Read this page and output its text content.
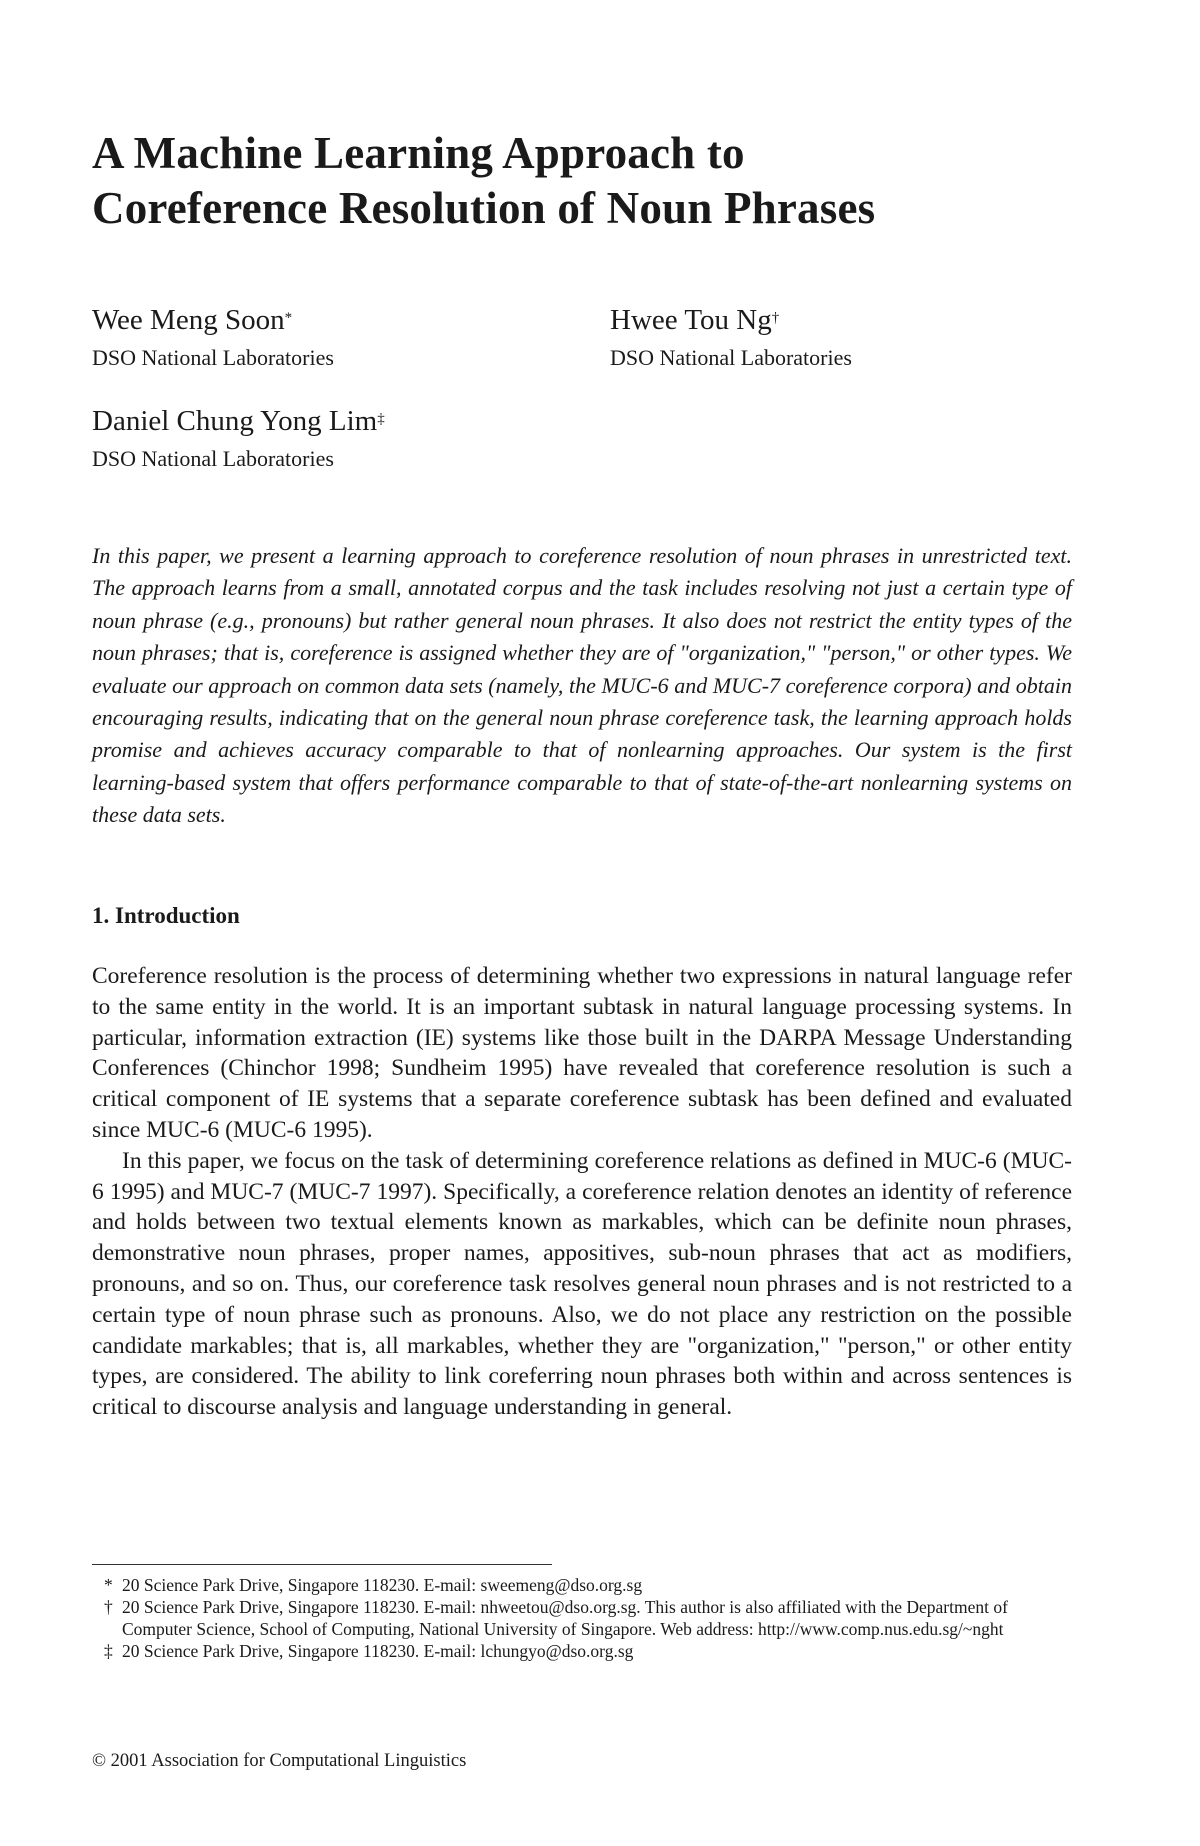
A Machine Learning Approach to
Coreference Resolution of Noun Phrases
Wee Meng Soon*
DSO National Laboratories
Hwee Tou Ng†
DSO National Laboratories
Daniel Chung Yong Lim‡
DSO National Laboratories
In this paper, we present a learning approach to coreference resolution of noun phrases in unrestricted text. The approach learns from a small, annotated corpus and the task includes resolving not just a certain type of noun phrase (e.g., pronouns) but rather general noun phrases. It also does not restrict the entity types of the noun phrases; that is, coreference is assigned whether they are of "organization," "person," or other types. We evaluate our approach on common data sets (namely, the MUC-6 and MUC-7 coreference corpora) and obtain encouraging results, indicating that on the general noun phrase coreference task, the learning approach holds promise and achieves accuracy comparable to that of nonlearning approaches. Our system is the first learning-based system that offers performance comparable to that of state-of-the-art nonlearning systems on these data sets.
1. Introduction

Coreference resolution is the process of determining whether two expressions in natural language refer to the same entity in the world. It is an important subtask in natural language processing systems. In particular, information extraction (IE) systems like those built in the DARPA Message Understanding Conferences (Chinchor 1998; Sundheim 1995) have revealed that coreference resolution is such a critical component of IE systems that a separate coreference subtask has been defined and evaluated since MUC-6 (MUC-6 1995).

In this paper, we focus on the task of determining coreference relations as defined in MUC-6 (MUC-6 1995) and MUC-7 (MUC-7 1997). Specifically, a coreference relation denotes an identity of reference and holds between two textual elements known as markables, which can be definite noun phrases, demonstrative noun phrases, proper names, appositives, sub-noun phrases that act as modifiers, pronouns, and so on. Thus, our coreference task resolves general noun phrases and is not restricted to a certain type of noun phrase such as pronouns. Also, we do not place any restriction on the possible candidate markables; that is, all markables, whether they are "organization," "person," or other entity types, are considered. The ability to link coreferring noun phrases both within and across sentences is critical to discourse analysis and language understanding in general.

* 20 Science Park Drive, Singapore 118230. E-mail: sweemeng@dso.org.sg
† 20 Science Park Drive, Singapore 118230. E-mail: nhweetou@dso.org.sg. This author is also affiliated with the Department of Computer Science, School of Computing, National University of Singapore. Web address: http://www.comp.nus.edu.sg/~nght
‡ 20 Science Park Drive, Singapore 118230. E-mail: lchungyo@dso.org.sg
© 2001 Association for Computational Linguistics
